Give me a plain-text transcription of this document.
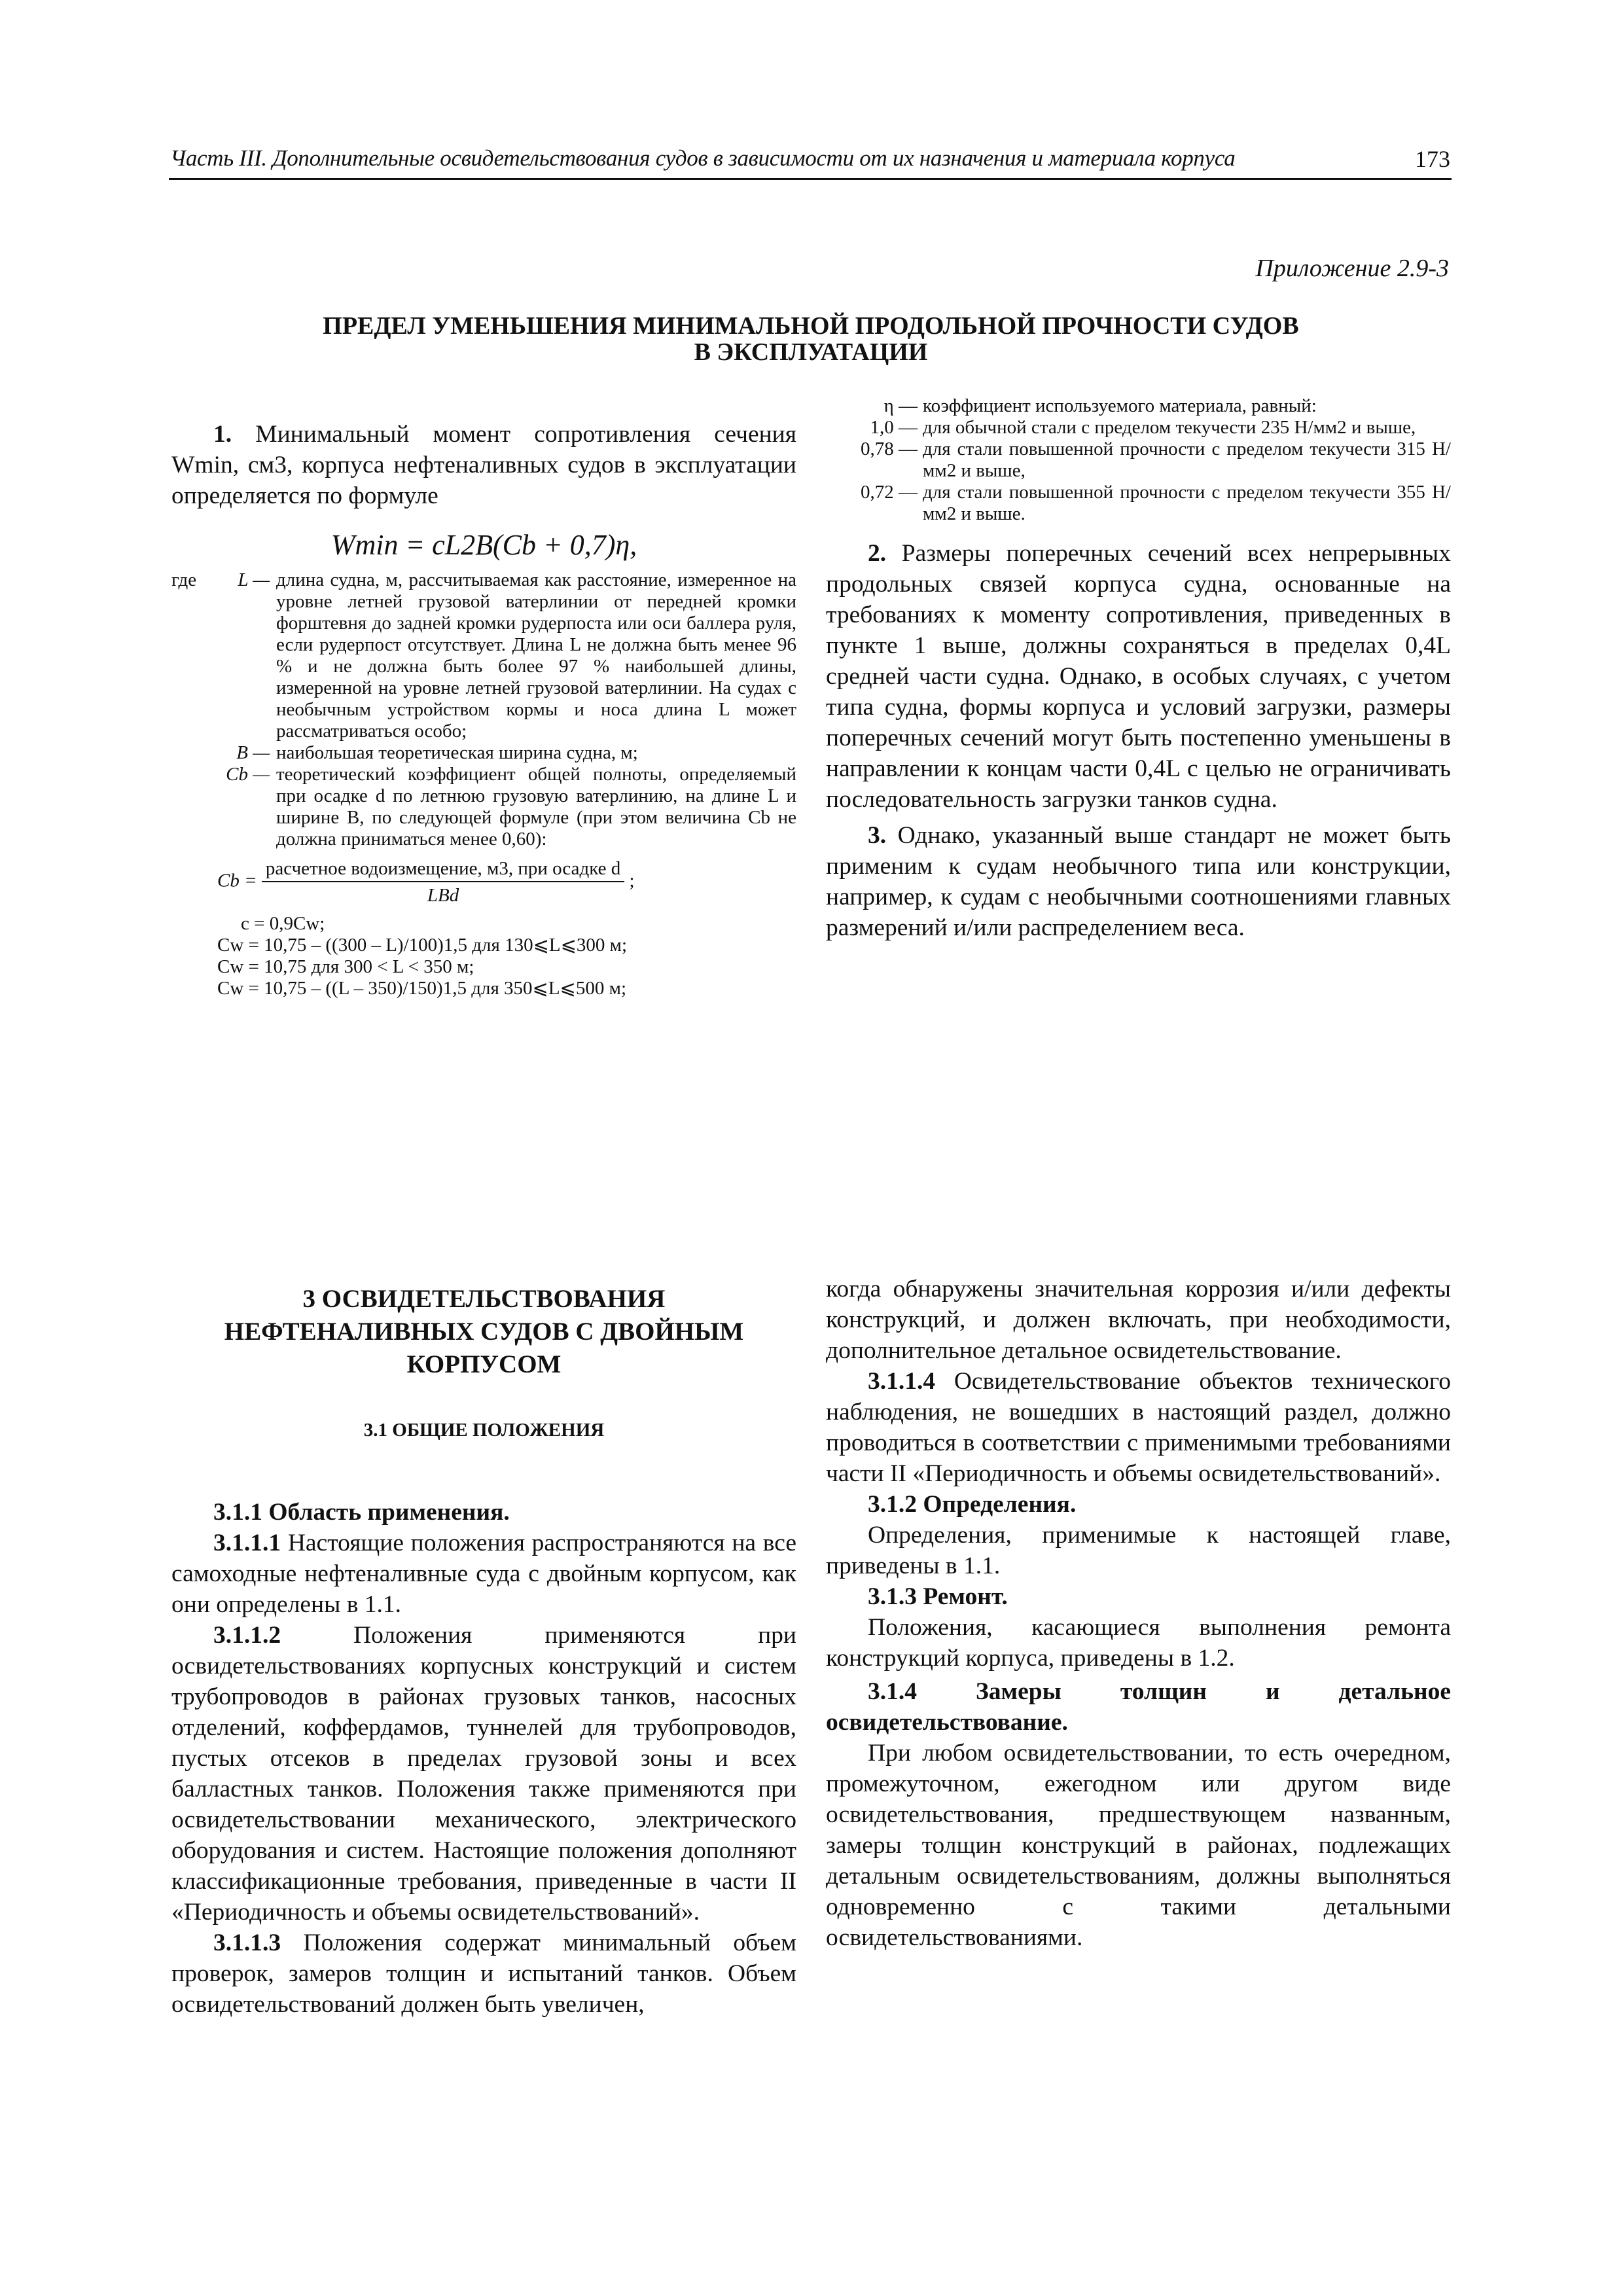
Часть III. Дополнительные освидетельствования судов в зависимости от их назначения и материала корпуса	173
Приложение 2.9-3
ПРЕДЕЛ УМЕНЬШЕНИЯ МИНИМАЛЬНОЙ ПРОДОЛЬНОЙ ПРОЧНОСТИ СУДОВ
В ЭКСПЛУАТАЦИИ

1. Минимальный момент сопротивления сечения Wmin, см3, корпуса нефтеналивных судов в эксплуатации определяется по формуле

Wmin = cL2B(Cb + 0,7)η,
где	L —	длина судна, м, рассчитываемая как расстояние, измеренное на уровне летней грузовой ватерлинии от передней кромки форштевня до задней кромки рудерпоста или оси баллера руля, если рудерпост отсутствует. Длина L не должна быть менее 96 % и не должна быть более 97 % наибольшей длины, измеренной на уровне летней грузовой ватерлинии. На судах с необычным устройством кормы и носа длина L может рассматриваться особо;
	B —	наибольшая теоретическая ширина судна, м;
	Cb —	теоретический коэффициент общей полноты, определяемый при осадке d по летнюю грузовую ватерлинию, на длине L и ширине B, по следующей формуле (при этом величина Cb не должна приниматься менее 0,60):
$Cb = \frac{\text{расчетное водоизмещение, м3, при осадке d}}{\text{LBd}}$ ;
c = 0,9Cw;
Cw = 10,75 – ((300 – L)/100)1,5 для 130⩽L⩽300 м;
Cw = 10,75 для 300 < L < 350 м;
Cw = 10,75 – ((L – 350)/150)1,5 для 350⩽L⩽500 м;
η —	коэффициент используемого материала, равный:
1,0 —	для обычной стали с пределом текучести 235 Н/мм2 и выше,
0,78 —	для стали повышенной прочности с пределом текучести 315 Н/мм2 и выше,
0,72 —	для стали повышенной прочности с пределом текучести 355 Н/мм2 и выше.

2. Размеры поперечных сечений всех непрерывных продольных связей корпуса судна, основанные на требованиях к моменту сопротивления, приведенных в пункте 1 выше, должны сохраняться в пределах 0,4L средней части судна. Однако, в особых случаях, с учетом типа судна, формы корпуса и условий загрузки, размеры поперечных сечений могут быть постепенно уменьшены в направлении к концам части 0,4L с целью не ограничивать последовательность загрузки танков судна.

3. Однако, указанный выше стандарт не может быть применим к судам необычного типа или конструкции, например, к судам с необычными соотношениями главных размерений и/или распределением веса.

3 ОСВИДЕТЕЛЬСТВОВАНИЯ
НЕФТЕНАЛИВНЫХ СУДОВ С ДВОЙНЫМ
КОРПУСОМ
3.1 ОБЩИЕ ПОЛОЖЕНИЯ

3.1.1 Область применения.

3.1.1.1 Настоящие положения распространяются на все самоходные нефтеналивные суда с двойным корпусом, как они определены в 1.1.

3.1.1.2	Положения применяются при освидетельствованиях корпусных конструкций и систем трубопроводов в районах грузовых танков, насосных отделений, коффердамов, туннелей для трубопроводов, пустых отсеков в пределах грузовой зоны и всех балластных танков. Положения также применяются при освидетельствовании механического, электрического оборудования и систем. Настоящие положения дополняют классификационные требования, приведенные в части II «Периодичность и объемы освидетельствований».

3.1.1.3 Положения содержат минимальный объем проверок, замеров толщин и испытаний танков. Объем освидетельствований должен быть увеличен,

когда обнаружены значительная коррозия и/или дефекты конструкций, и должен включать, при необходимости, дополнительное детальное освидетельствование.

3.1.1.4 Освидетельствование объектов технического наблюдения, не вошедших в настоящий раздел, должно проводиться в соответствии с применимыми требованиями части II «Периодичность и объемы освидетельствований».

3.1.2 Определения.

Определения, применимые к настоящей главе, приведены в 1.1.

3.1.3 Ремонт.

Положения, касающиеся выполнения ремонта конструкций корпуса, приведены в 1.2.

3.1.4 Замеры толщин и детальное освидетельствование.

При любом освидетельствовании, то есть очередном, промежуточном, ежегодном или другом виде освидетельствования, предшествующем названным, замеры толщин конструкций в районах, подлежащих детальным освидетельствованиям, должны выполняться одновременно с такими детальными освидетельствованиями.
